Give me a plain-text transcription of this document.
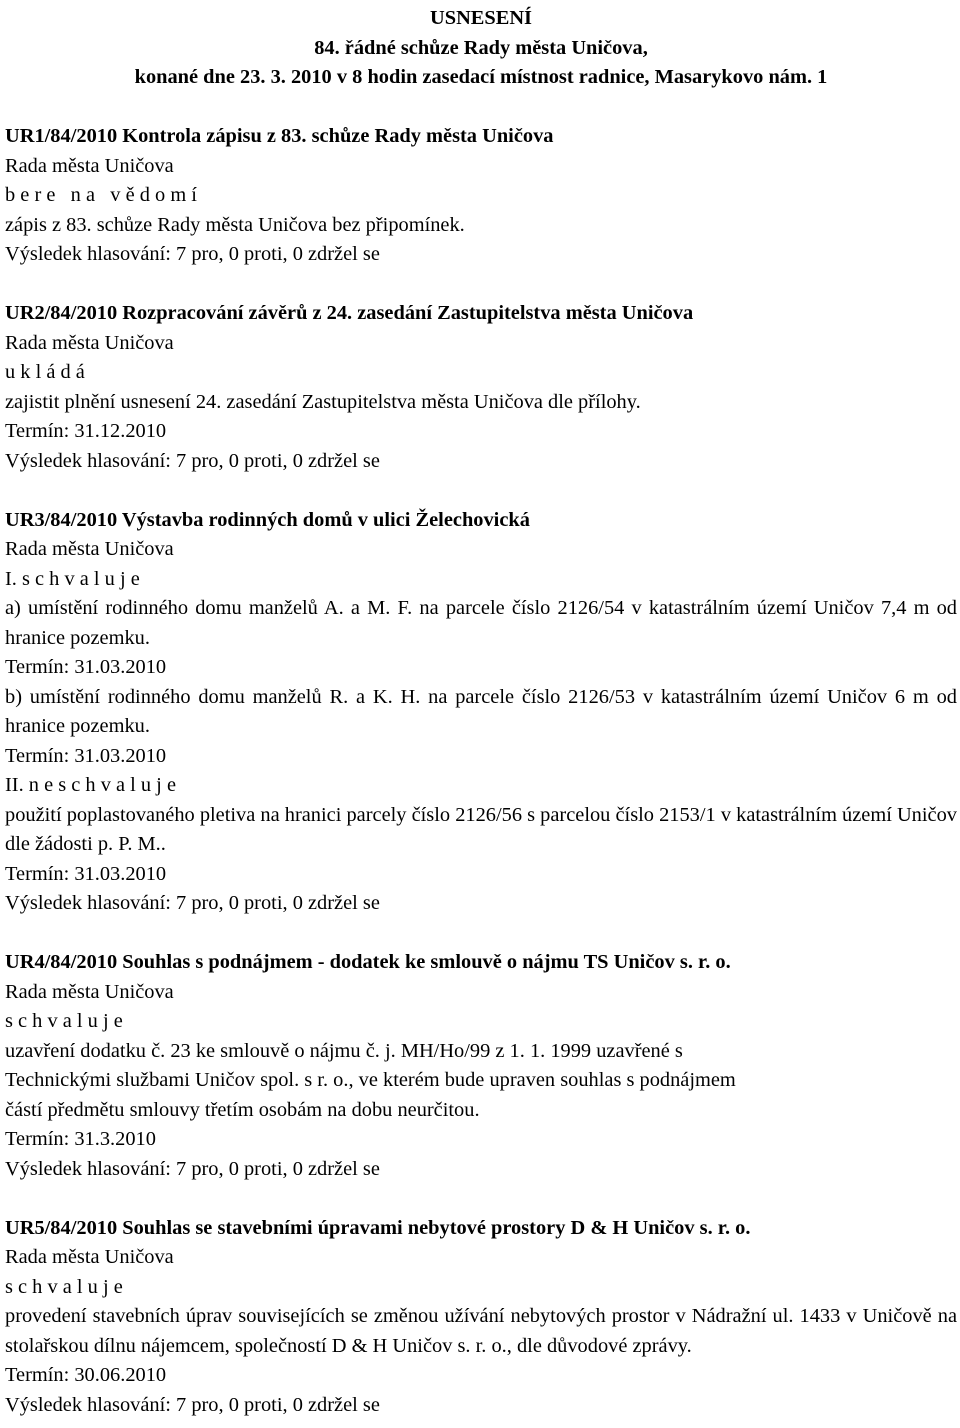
USNESENÍ
84. řádné schůze Rady města Uničova,
konané dne 23. 3. 2010 v 8 hodin zasedací místnost radnice, Masarykovo nám. 1
UR1/84/2010 Kontrola zápisu z 83. schůze Rady města Uničova
Rada města Uničova
b e r e   n a   v ě d o m í
zápis z 83. schůze Rady města Uničova bez připomínek.
Výsledek hlasování: 7 pro, 0 proti, 0 zdržel se
UR2/84/2010 Rozpracování závěrů z 24. zasedání Zastupitelstva města Uničova
Rada města Uničova
u k l á d á
zajistit plnění usnesení 24. zasedání Zastupitelstva města Uničova dle přílohy.
Termín: 31.12.2010
Výsledek hlasování: 7 pro, 0 proti, 0 zdržel se
UR3/84/2010 Výstavba rodinných domů v ulici Želechovická
Rada města Uničova
I. s c h v a l u j e
a) umístění rodinného domu manželů A. a M. F. na parcele číslo 2126/54 v katastrálním území Uničov 7,4 m od hranice pozemku.
Termín: 31.03.2010
b) umístění rodinného domu manželů R. a K. H. na parcele číslo 2126/53 v katastrálním území Uničov 6 m od hranice pozemku.
Termín: 31.03.2010
II. n e s c h v a l u j e
použití poplastovaného pletiva na hranici parcely číslo 2126/56 s parcelou číslo 2153/1 v katastrálním území Uničov dle žádosti p. P. M..
Termín: 31.03.2010
Výsledek hlasování: 7 pro, 0 proti, 0 zdržel se
UR4/84/2010 Souhlas s podnájmem - dodatek ke smlouvě o nájmu TS Uničov s. r. o.
Rada města Uničova
s c h v a l u j e
uzavření dodatku č. 23 ke smlouvě o nájmu č. j. MH/Ho/99 z 1. 1. 1999 uzavřené s
Technickými službami Uničov spol. s r. o., ve kterém bude upraven souhlas s podnájmem
částí předmětu smlouvy třetím osobám na dobu neurčitou.
Termín: 31.3.2010
Výsledek hlasování: 7 pro, 0 proti, 0 zdržel se
UR5/84/2010 Souhlas se stavebními úpravami nebytové prostory D & H Uničov s. r. o.
Rada města Uničova
s c h v a l u j e
provedení stavebních úprav souvisejících se změnou užívání nebytových prostor v Nádražní ul. 1433 v Uničově na stolařskou dílnu nájemcem, společností D & H Uničov s. r. o., dle důvodové zprávy.
Termín: 30.06.2010
Výsledek hlasování: 7 pro, 0 proti, 0 zdržel se
